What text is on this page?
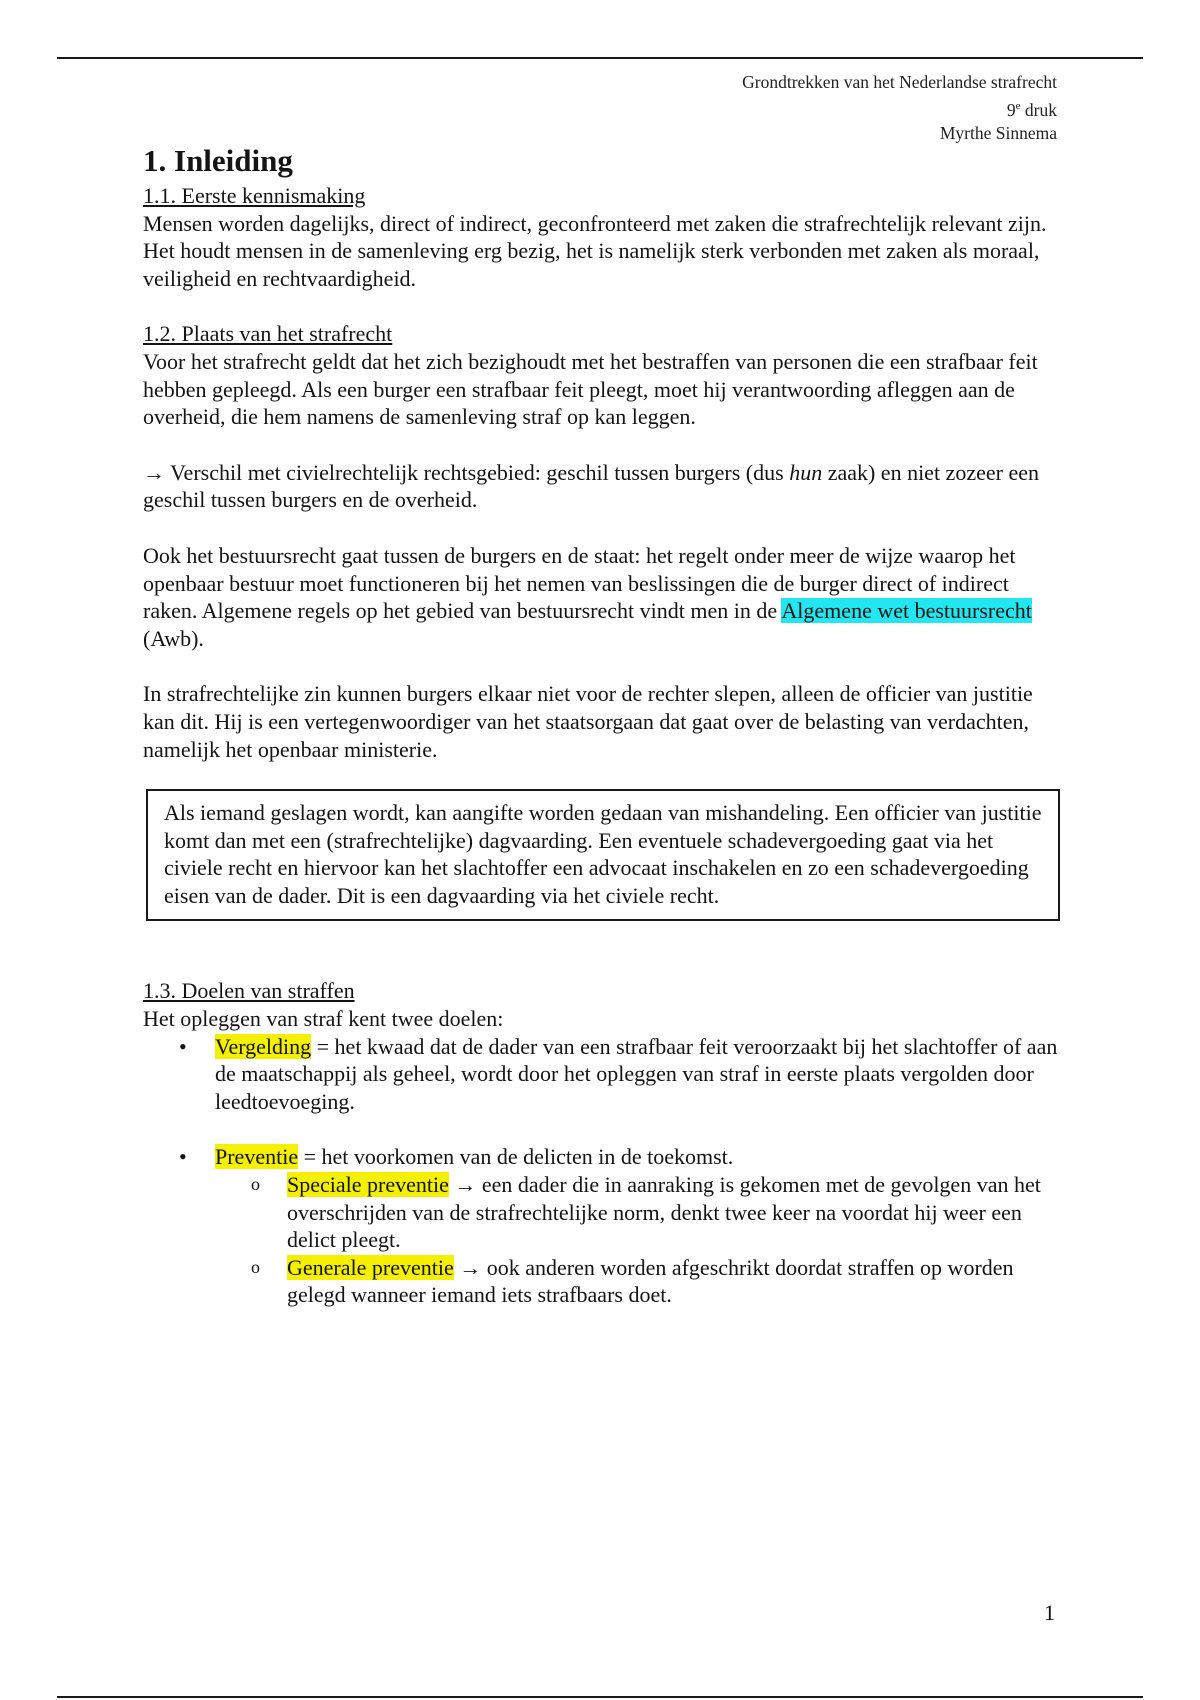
Grondtrekken van het Nederlandse strafrecht
9e druk
Myrthe Sinnema
1. Inleiding
1.1. Eerste kennismaking

Mensen worden dagelijks, direct of indirect, geconfronteerd met zaken die strafrechtelijk relevant zijn. Het houdt mensen in de samenleving erg bezig, het is namelijk sterk verbonden met zaken als moraal, veiligheid en rechtvaardigheid.

1.2. Plaats van het strafrecht

Voor het strafrecht geldt dat het zich bezighoudt met het bestraffen van personen die een strafbaar feit hebben gepleegd. Als een burger een strafbaar feit pleegt, moet hij verantwoording afleggen aan de overheid, die hem namens de samenleving straf op kan leggen.

→ Verschil met civielrechtelijk rechtsgebied: geschil tussen burgers (dus hun zaak) en niet zozeer een geschil tussen burgers en de overheid.

Ook het bestuursrecht gaat tussen de burgers en de staat: het regelt onder meer de wijze waarop het openbaar bestuur moet functioneren bij het nemen van beslissingen die de burger direct of indirect raken. Algemene regels op het gebied van bestuursrecht vindt men in de Algemene wet bestuursrecht (Awb).

In strafrechtelijke zin kunnen burgers elkaar niet voor de rechter slepen, alleen de officier van justitie kan dit. Hij is een vertegenwoordiger van het staatsorgaan dat gaat over de belasting van verdachten, namelijk het openbaar ministerie.

Als iemand geslagen wordt, kan aangifte worden gedaan van mishandeling. Een officier van justitie komt dan met een (strafrechtelijke) dagvaarding. Een eventuele schadevergoeding gaat via het civiele recht en hiervoor kan het slachtoffer een advocaat inschakelen en zo een schadevergoeding eisen van de dader. Dit is een dagvaarding via het civiele recht.

1.3. Doelen van straffen

Het opleggen van straf kent twee doelen:

• Vergelding = het kwaad dat de dader van een strafbaar feit veroorzaakt bij het slachtoffer of aan de maatschappij als geheel, wordt door het opleggen van straf in eerste plaats vergolden door leedtoevoeging.
• Preventie = het voorkomen van de delicten in de toekomst.
o Speciale preventie → een dader die in aanraking is gekomen met de gevolgen van het overschrijden van de strafrechtelijke norm, denkt twee keer na voordat hij weer een delict pleegt.
o Generale preventie → ook anderen worden afgeschrikt doordat straffen op worden gelegd wanneer iemand iets strafbaars doet.
1
